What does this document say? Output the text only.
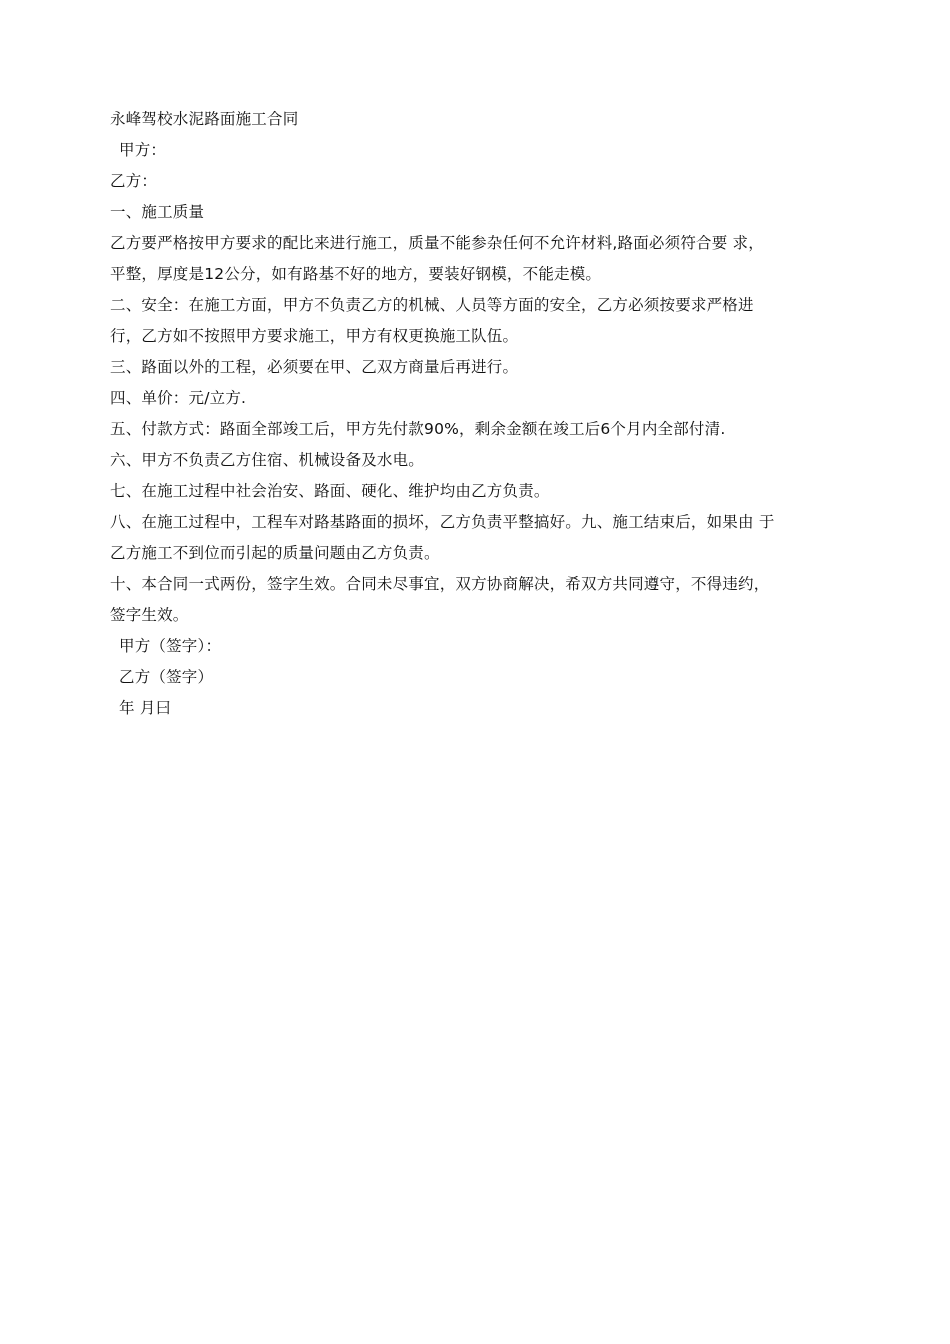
永峰驾校水泥路面施工合同
甲方：
乙方：
一、施工质量
乙方要严格按甲方要求的配比来进行施工，质量不能参杂任何不允许材料,路面必须符合要 求，
平整，厚度是12公分，如有路基不好的地方，要装好钢模，不能走模。
二、安全：在施工方面，甲方不负责乙方的机械、人员等方面的安全，乙方必须按要求严格进
行，乙方如不按照甲方要求施工，甲方有权更换施工队伍。
三、路面以外的工程，必须要在甲、乙双方商量后再进行。
四、单价：元/立方.
五、付款方式：路面全部竣工后，甲方先付款90%，剩余金额在竣工后6个月内全部付清.
六、甲方不负责乙方住宿、机械设备及水电。
七、在施工过程中社会治安、路面、硬化、维护均由乙方负责。
八、在施工过程中，工程车对路基路面的损坏，乙方负责平整搞好。九、施工结束后，如果由 于
乙方施工不到位而引起的质量问题由乙方负责。
十、本合同一式两份，签字生效。合同未尽事宜，双方协商解决，希双方共同遵守，不得违约，
签字生效。
甲方（签字）：
乙方（签字）
年 月曰
